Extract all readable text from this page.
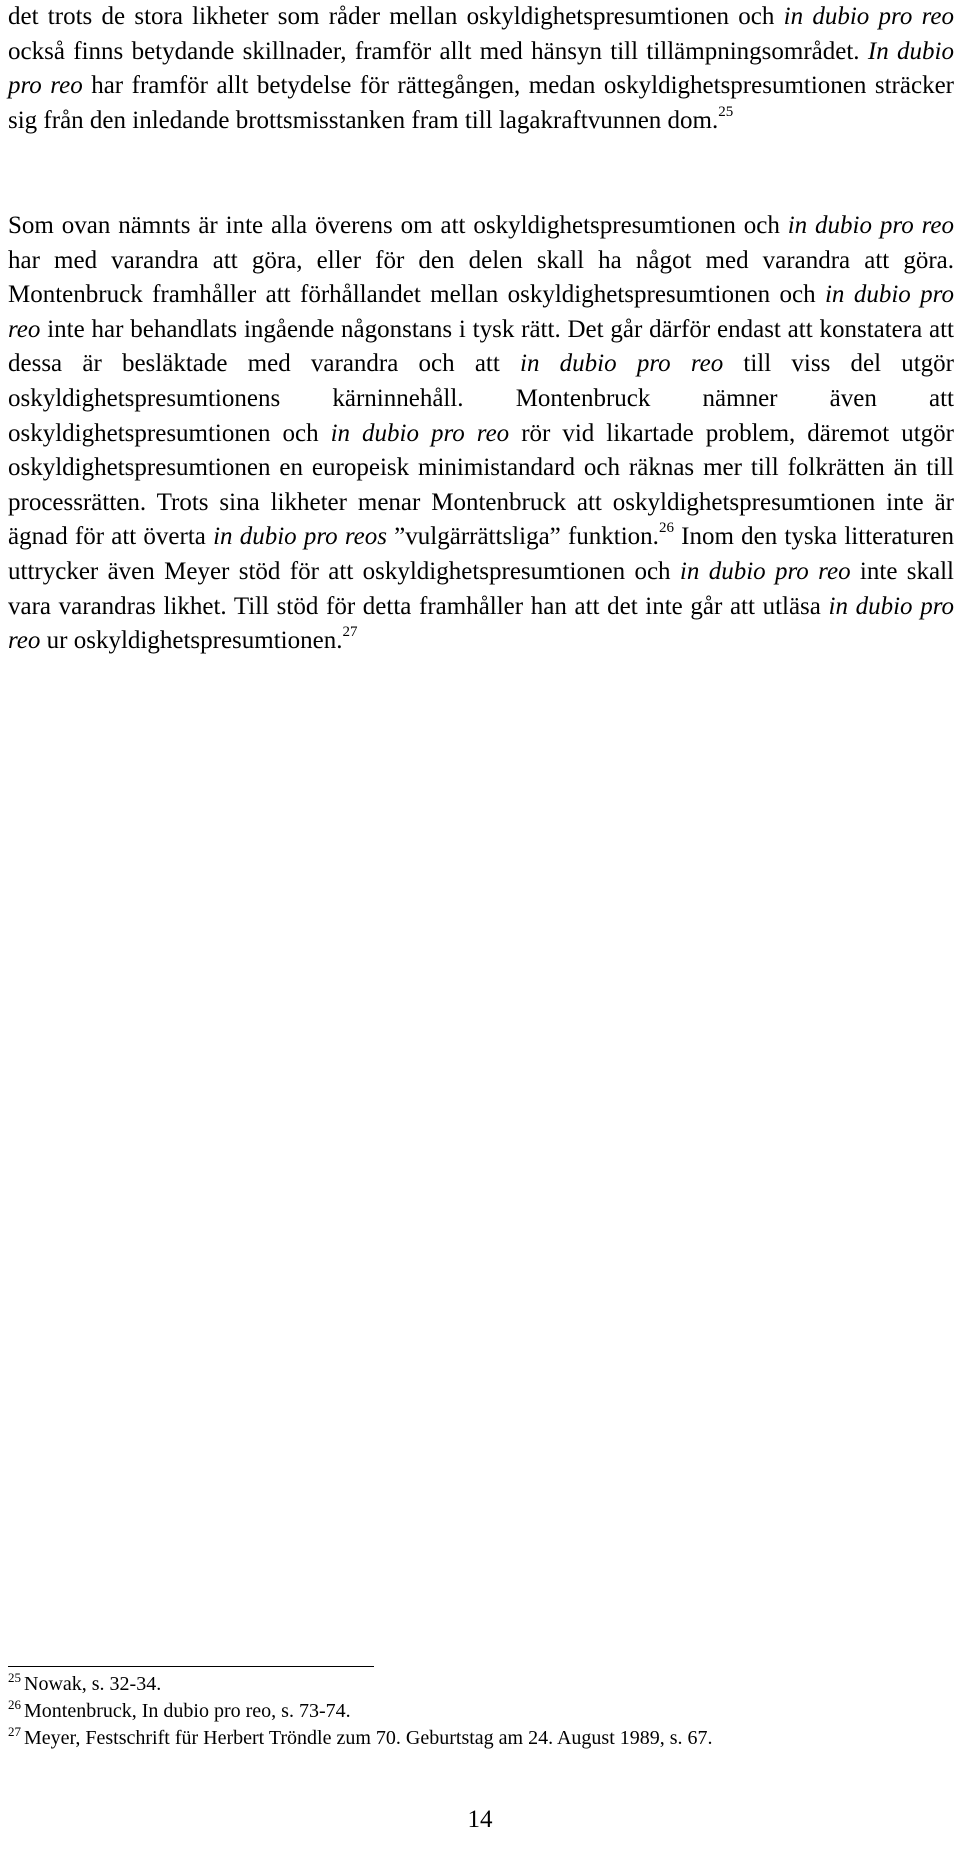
det trots de stora likheter som råder mellan oskyldighetspresumtionen och in dubio pro reo också finns betydande skillnader, framför allt med hänsyn till tillämpningsområdet. In dubio pro reo har framför allt betydelse för rättegången, medan oskyldighetspresumtionen sträcker sig från den inledande brottsmisstanken fram till lagakraftvunnen dom.$^{25}$

Som ovan nämnts är inte alla överens om att oskyldighetspresumtionen och in dubio pro reo har med varandra att göra, eller för den delen skall ha något med varandra att göra. Montenbruck framhåller att förhållandet mellan oskyldighetspresumtionen och in dubio pro reo inte har behandlats ingående någonstans i tysk rätt. Det går därför endast att konstatera att dessa är besläktade med varandra och att in dubio pro reo till viss del utgör oskyldighetspresumtionens kärninnehåll. Montenbruck nämner även att oskyldighetspresumtionen och in dubio pro reo rör vid likartade problem, däremot utgör oskyldighetspresumtionen en europeisk minimistandard och räknas mer till folkrätten än till processrätten. Trots sina likheter menar Montenbruck att oskyldighetspresumtionen inte är ägnad för att överta in dubio pro reos ”vulgärrättsliga” funktion.$^{26}$ Inom den tyska litteraturen uttrycker även Meyer stöd för att oskyldighetspresumtionen och in dubio pro reo inte skall vara varandras likhet. Till stöd för detta framhåller han att det inte går att utläsa in dubio pro reo ur oskyldighetspresumtionen.$^{27}$

$^{25}$ Nowak, s. 32-34.
$^{26}$ Montenbruck, In dubio pro reo, s. 73-74.
$^{27}$ Meyer, Festschrift für Herbert Tröndle zum 70. Geburtstag am 24. August 1989, s. 67.
14
